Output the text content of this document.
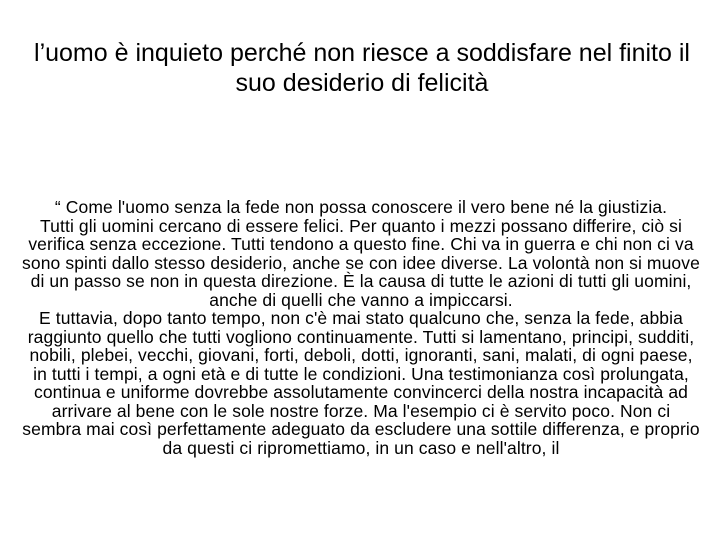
l’uomo è inquieto perché non riesce a soddisfare nel finito il suo desiderio di felicità

“ Come l'uomo senza la fede non possa conoscere il vero bene né la giustizia.

Tutti gli uomini cercano di essere felici. Per quanto i mezzi possano differire, ciò si verifica senza eccezione. Tutti tendono a questo fine. Chi va in guerra e chi non ci va sono spinti dallo stesso desiderio, anche se con idee diverse. La volontà non si muove di un passo se non in questa direzione. È la causa di tutte le azioni di tutti gli uomini, anche di quelli che vanno a impiccarsi.

E tuttavia, dopo tanto tempo, non c'è mai stato qualcuno che, senza la fede, abbia raggiunto quello che tutti vogliono continuamente. Tutti si lamentano, principi, sudditi, nobili, plebei, vecchi, giovani, forti, deboli, dotti, ignoranti, sani, malati, di ogni paese, in tutti i tempi, a ogni età e di tutte le condizioni. Una testimonianza così prolungata, continua e uniforme dovrebbe assolutamente convincerci della nostra incapacità ad arrivare al bene con le sole nostre forze. Ma l'esempio ci è servito poco. Non ci sembra mai così perfettamente adeguato da escludere una sottile differenza, e proprio da questi ci ripromettiamo, in un caso e nell'altro, il
